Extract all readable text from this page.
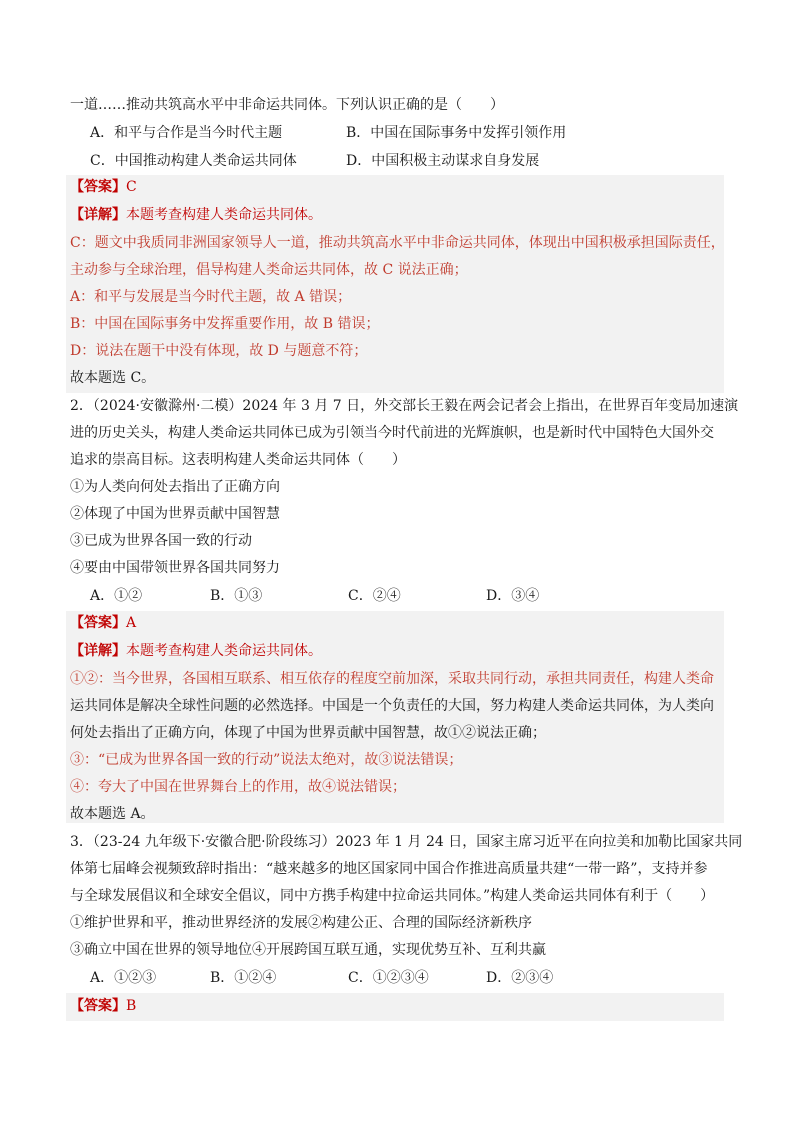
一道……推动共筑高水平中非命运共同体。下列认识正确的是（　　）
A．和平与合作是当今时代主题	B．中国在国际事务中发挥引领作用
C．中国推动构建人类命运共同体	D．中国积极主动谋求自身发展
【答案】C
【详解】本题考查构建人类命运共同体。
C：题文中我质同非洲国家领导人一道，推动共筑高水平中非命运共同体，体现出中国积极承担国际责任，
主动参与全球治理，倡导构建人类命运共同体，故 C 说法正确；
A：和平与发展是当今时代主题，故 A 错误；
B：中国在国际事务中发挥重要作用，故 B 错误；
D：说法在题干中没有体现，故 D 与题意不符；
故本题选 C。
2．（2024·安徽滁州·二模）2024 年 3 月 7 日，外交部长王毅在两会记者会上指出，在世界百年变局加速演
进的历史关头，构建人类命运共同体已成为引领当今时代前进的光辉旗帜，也是新时代中国特色大国外交
追求的崇高目标。这表明构建人类命运共同体（　　）
①为人类向何处去指出了正确方向
②体现了中国为世界贡献中国智慧
③已成为世界各国一致的行动
④要由中国带领世界各国共同努力
A．①②	B．①③	C．②④	D．③④
【答案】A
【详解】本题考查构建人类命运共同体。
①②：当今世界，各国相互联系、相互依存的程度空前加深，采取共同行动，承担共同责任，构建人类命
运共同体是解决全球性问题的必然选择。中国是一个负责任的大国，努力构建人类命运共同体，为人类向
何处去指出了正确方向，体现了中国为世界贡献中国智慧，故①②说法正确；
③：“已成为世界各国一致的行动”说法太绝对，故③说法错误；
④：夸大了中国在世界舞台上的作用，故④说法错误；
故本题选 A。
3．（23-24 九年级下·安徽合肥·阶段练习）2023 年 1 月 24 日，国家主席习近平在向拉美和加勒比国家共同
体第七届峰会视频致辞时指出：“越来越多的地区国家同中国合作推进高质量共建“一带一路”，支持并参
与全球发展倡议和全球安全倡议，同中方携手构建中拉命运共同体。”构建人类命运共同体有利于（　　）
①维护世界和平，推动世界经济的发展②构建公正、合理的国际经济新秩序
③确立中国在世界的领导地位④开展跨国互联互通，实现优势互补、互利共赢
A．①②③	B．①②④	C．①②③④	D．②③④
【答案】B
